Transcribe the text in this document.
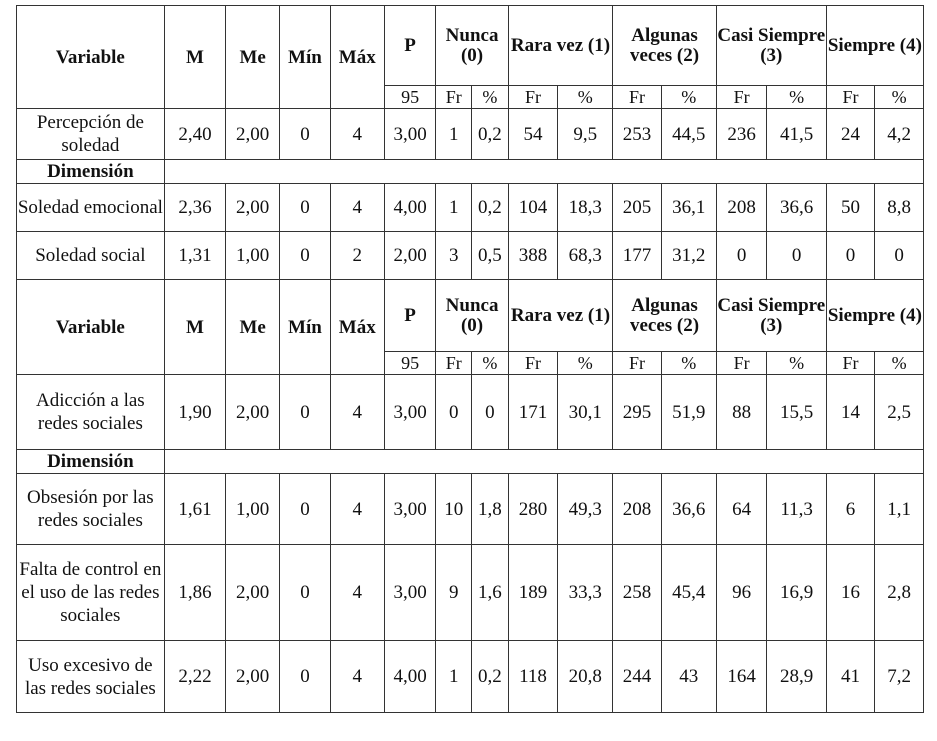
Variable	M	Me	Mín	Máx	P	Nunca (0)		Rara vez (1)		Algunas veces (2)		Casi Siempre (3)		Siempre (4)	
					95	Fr	%	Fr	%	Fr	%	Fr	%	Fr	%
Percepción de soledad	2,40	2,00	0	4	3,00	1	0,2	54	9,5	253	44,5	236	41,5	24	4,2
Dimensión															
Soledad emocional	2,36	2,00	0	4	4,00	1	0,2	104	18,3	205	36,1	208	36,6	50	8,8
Soledad social	1,31	1,00	0	2	2,00	3	0,5	388	68,3	177	31,2	0	0	0	0
Variable	M	Me	Mín	Máx	P	Nunca (0)		Rara vez (1)		Algunas veces (2)		Casi Siempre (3)		Siempre (4)	
					95	Fr	%	Fr	%	Fr	%	Fr	%	Fr	%
Adicción a las redes sociales	1,90	2,00	0	4	3,00	0	0	171	30,1	295	51,9	88	15,5	14	2,5
Dimensión															
Obsesión por las redes sociales	1,61	1,00	0	4	3,00	10	1,8	280	49,3	208	36,6	64	11,3	6	1,1
Falta de control en el uso de las redes sociales	1,86	2,00	0	4	3,00	9	1,6	189	33,3	258	45,4	96	16,9	16	2,8
Uso excesivo de las redes sociales	2,22	2,00	0	4	4,00	1	0,2	118	20,8	244	43	164	28,9	41	7,2
